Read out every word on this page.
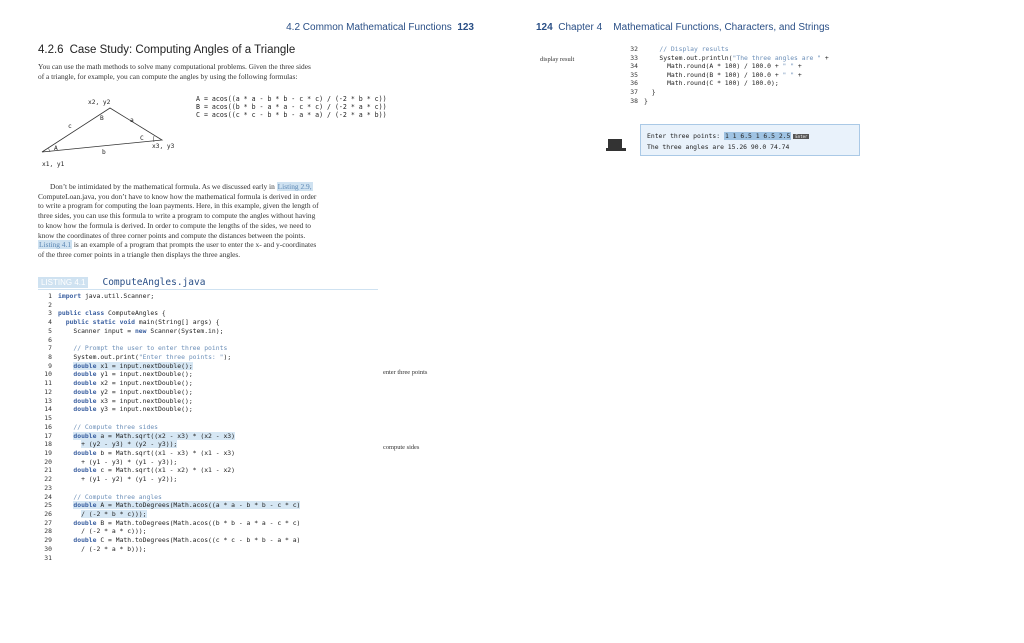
4.2 Common Mathematical Functions 123
4.2.6 Case Study: Computing Angles of a Triangle
You can use the math methods to solve many computational problems. Given the three sides
of a triangle, for example, you can compute the angles by using the following formulas:
x2, y2
x1, y1
x3, y3
A
B
C
a
b
c
A = acos((a * a - b * b - c * c) / (-2 * b * c))
B = acos((b * b - a * a - c * c) / (-2 * a * c))
C = acos((c * c - b * b - a * a) / (-2 * a * b))
Don’t be intimidated by the mathematical formula. As we discussed early in Listing 2.9,
ComputeLoan.java, you don’t have to know how the mathematical formula is derived in order
to write a program for computing the loan payments. Here, in this example, given the length of
three sides, you can use this formula to write a program to compute the angles without having
to know how the formula is derived. In order to compute the lengths of the sides, we need to
know the coordinates of three corner points and compute the distances between the points.
Listing 4.1 is an example of a program that prompts the user to enter the x- and y-coordinates
of the three corner points in a triangle then displays the three angles.
LISTING 4.1 ComputeAngles.java
1 import java.util.Scanner;
2
3 public class ComputeAngles {
4	public static void main(String[] args) {
5 Scanner input = new Scanner(System.in);
6
7 // Prompt the user to enter three points
8 System.out.print("Enter three points: ");
9	double x1 = input.nextDouble();
10	double y1 = input.nextDouble();
11	double x2 = input.nextDouble();
12	double y2 = input.nextDouble();
13	double x3 = input.nextDouble();
14	double y3 = input.nextDouble();
15
16 // Compute three sides
17	double a = Math.sqrt((x2 - x3) * (x2 - x3)
18	+ (y2 - y3) * (y2 - y3));
19	double b = Math.sqrt((x1 - x3) * (x1 - x3)
20 + (y1 - y3) * (y1 - y3));
21	double c = Math.sqrt((x1 - x2) * (x1 - x2)
22 + (y1 - y2) * (y1 - y2));
23
24 // Compute three angles
25	double A = Math.toDegrees(Math.acos((a * a - b * b - c * c)
26	/ (-2 * b * c)));
27	double B = Math.toDegrees(Math.acos((b * b - a * a - c * c)
28 / (-2 * a * c)));
29	double C = Math.toDegrees(Math.acos((c * c - b * b - a * a)
30 / (-2 * a * b)));
31
enter three points
compute sides
124 Chapter 4 Mathematical Functions, Characters, and Strings
display result
32 // Display results
33 System.out.println("The three angles are " +
34 Math.round(A * 100) / 100.0 + " " +
35 Math.round(B * 100) / 100.0 + " " +
36 Math.round(C * 100) / 100.0);
37 }
38 }
Enter three points: 1 1 6.5 1 6.5 2.5 Enter
The three angles are 15.26 90.0 74.74
